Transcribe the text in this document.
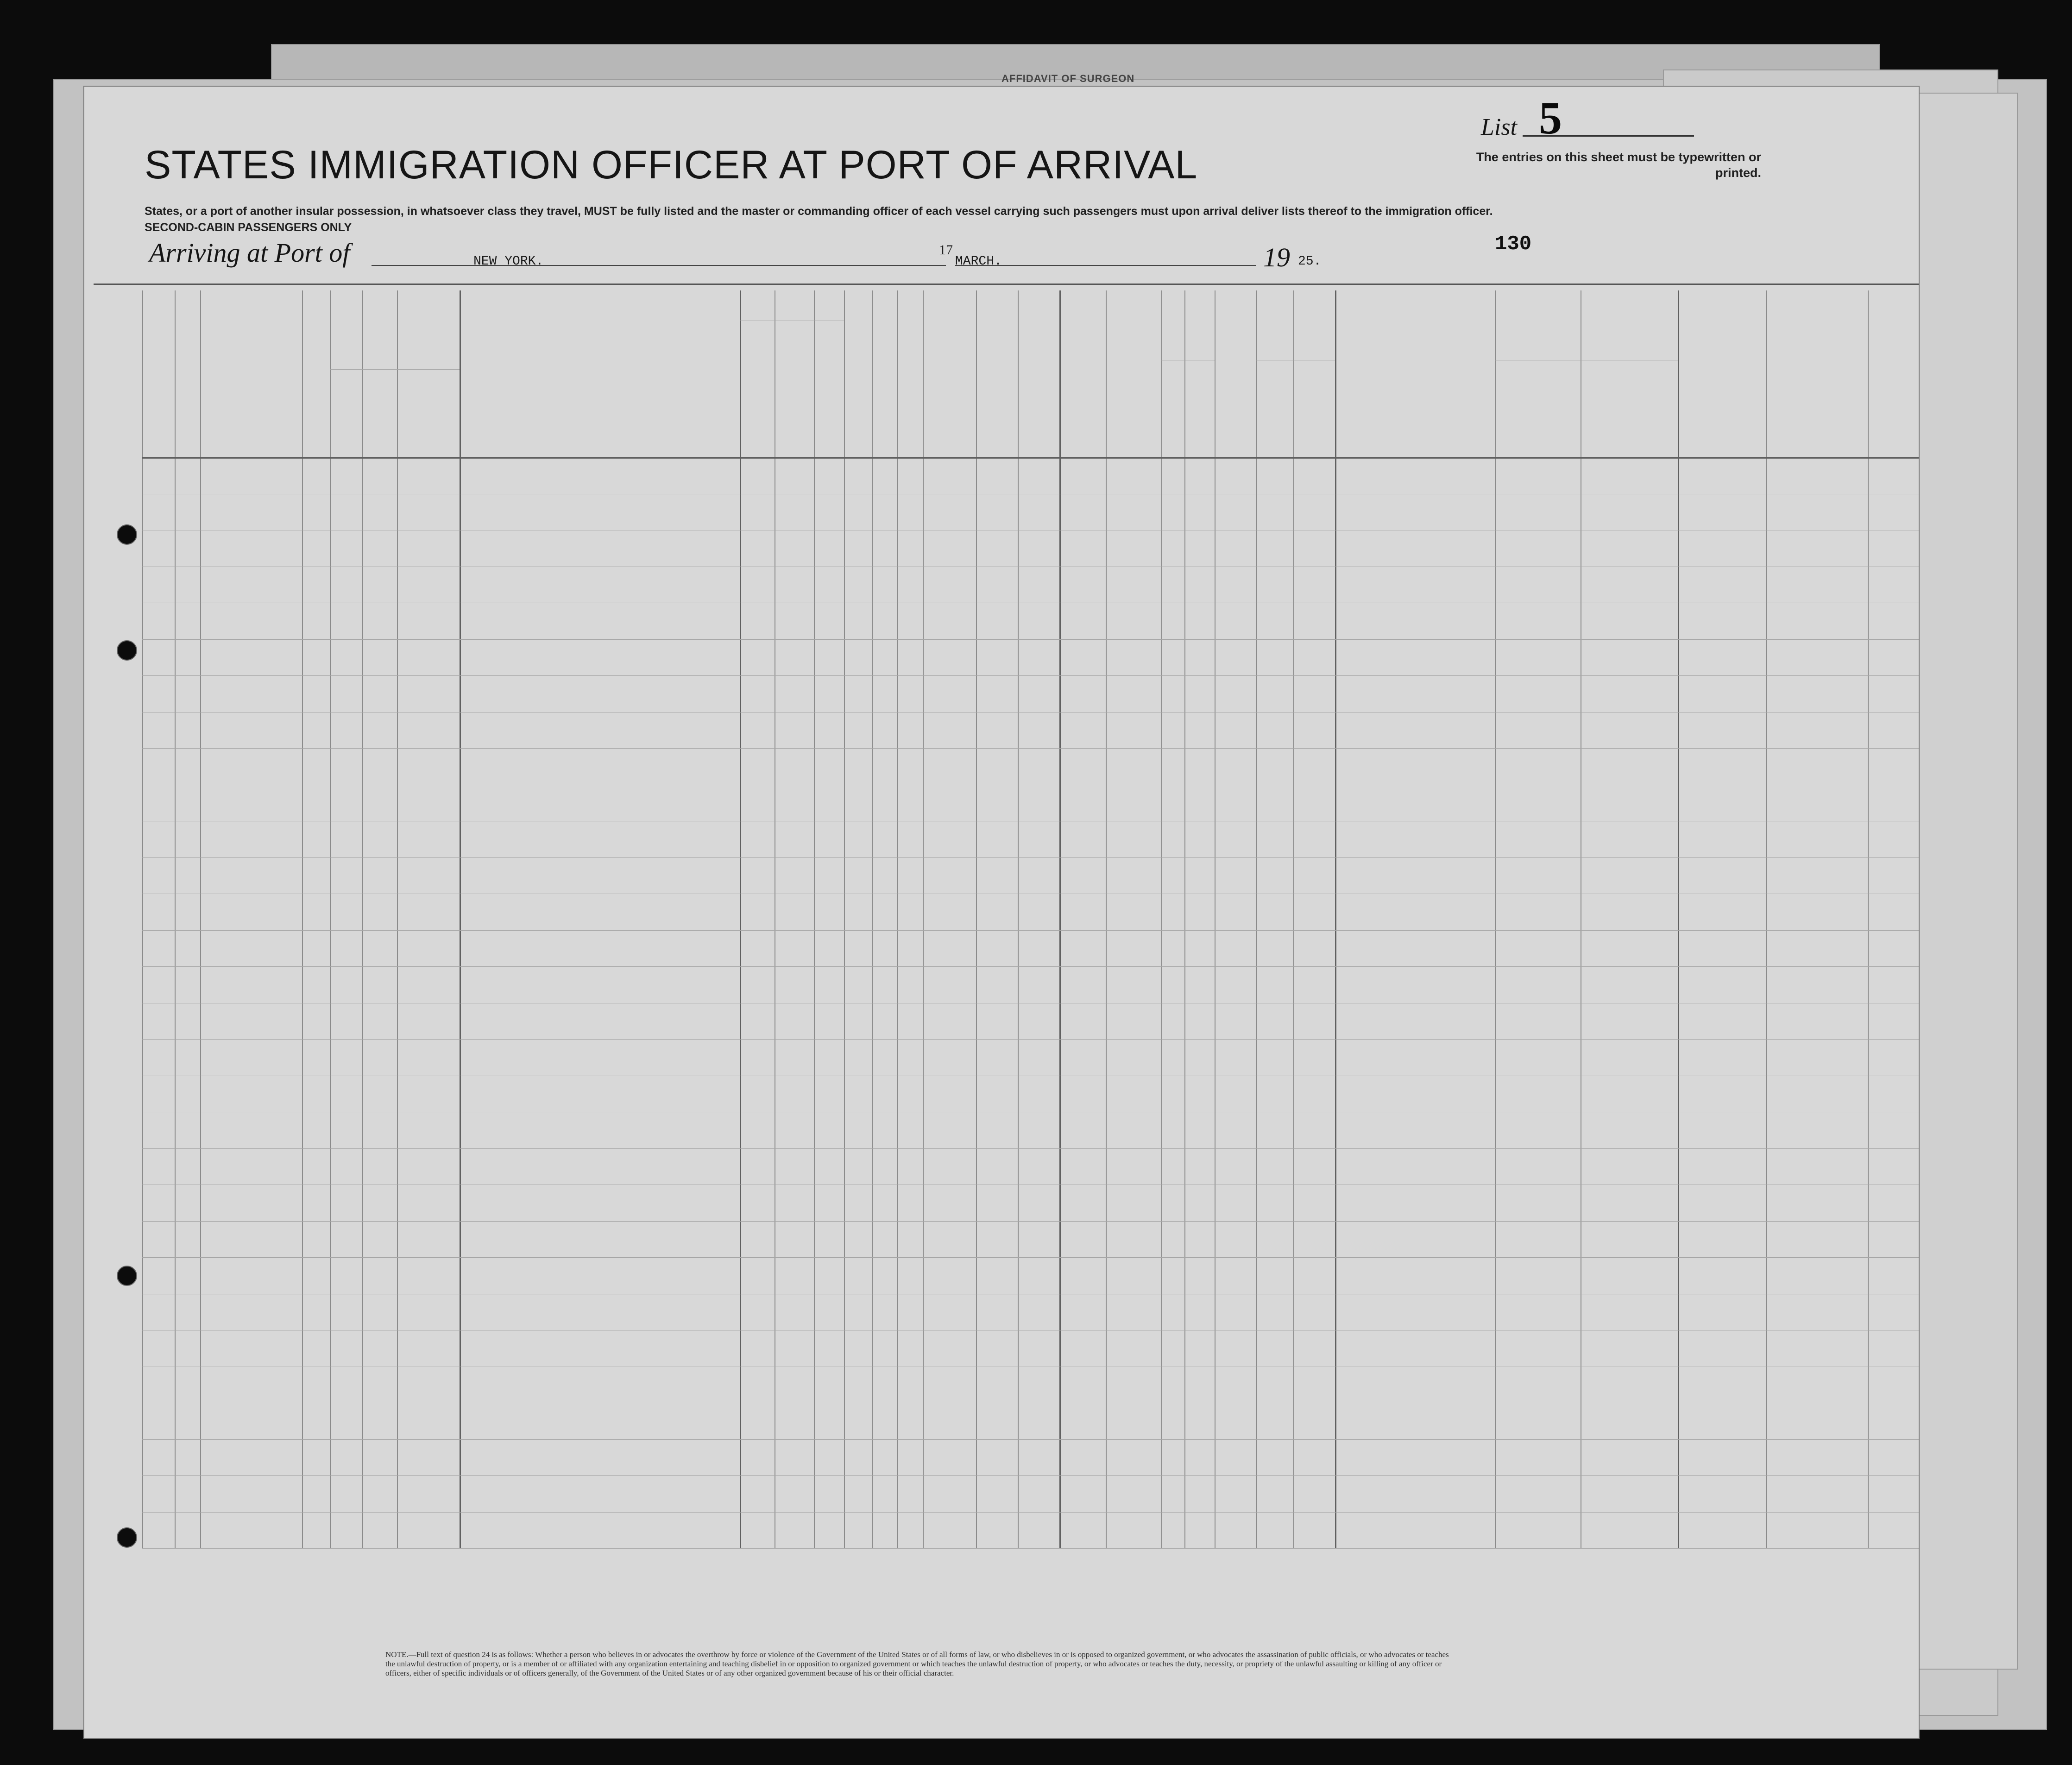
AFFIDAVIT OF SURGEON
STATES IMMIGRATION OFFICER AT PORT OF ARRIVAL
States, or a port of another insular possession, in whatsoever class they travel, MUST be fully listed and the master or commanding officer of each vessel carrying such passengers must upon arrival deliver lists thereof to the immigration officer.
SECOND-CABIN PASSENGERS ONLY
List 5
The entries on this sheet must be typewritten or printed.
Arriving at Port of	NEW YORK.
17
MARCH.	19 25.
130
NOTE.—Full text of question 24 is as follows: Whether a person who believes in or advocates the overthrow by force or violence of the Government of the United States or of all forms of law, or who disbelieves in or is opposed to organized government, or who advocates the assassination of public officials, or who advocates or teaches the unlawful destruction of property, or is a member of or affiliated with any organization entertaining and teaching disbelief in or opposition to organized government or which teaches the unlawful destruction of property, or who advocates or teaches the duty, necessity, or propriety of the unlawful assaulting or killing of any officer or officers, either of specific individuals or of officers generally, of the Government of the United States or of any other organized government because of his or their official character.
